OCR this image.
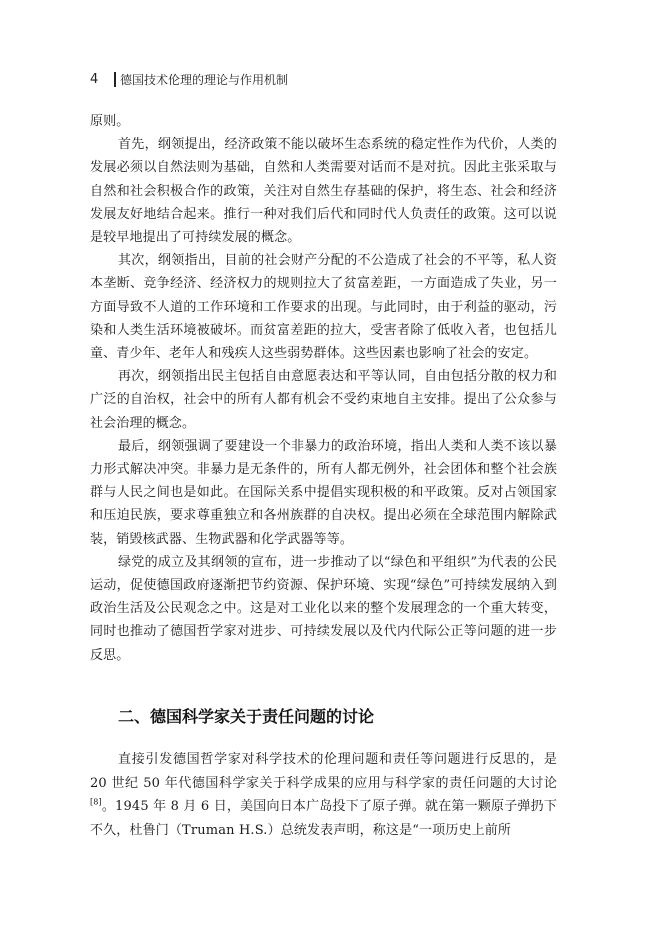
4	德国技术伦理的理论与作用机制

原则。

首先，纲领提出，经济政策不能以破坏生态系统的稳定性作为代价，人类的发展必须以自然法则为基础，自然和人类需要对话而不是对抗。因此主张采取与自然和社会积极合作的政策，关注对自然生存基础的保护，将生态、社会和经济发展友好地结合起来。推行一种对我们后代和同时代人负责任的政策。这可以说是较早地提出了可持续发展的概念。

其次，纲领指出，目前的社会财产分配的不公造成了社会的不平等，私人资本垄断、竞争经济、经济权力的规则拉大了贫富差距，一方面造成了失业，另一方面导致不人道的工作环境和工作要求的出现。与此同时，由于利益的驱动，污染和人类生活环境被破坏。而贫富差距的拉大，受害者除了低收入者，也包括儿童、青少年、老年人和残疾人这些弱势群体。这些因素也影响了社会的安定。

再次，纲领指出民主包括自由意愿表达和平等认同，自由包括分散的权力和广泛的自治权，社会中的所有人都有机会不受约束地自主安排。提出了公众参与社会治理的概念。

最后，纲领强调了要建设一个非暴力的政治环境，指出人类和人类不该以暴力形式解决冲突。非暴力是无条件的，所有人都无例外，社会团体和整个社会族群与人民之间也是如此。在国际关系中提倡实现积极的和平政策。反对占领国家和压迫民族，要求尊重独立和各州族群的自决权。提出必须在全球范围内解除武装，销毁核武器、生物武器和化学武器等等。

绿党的成立及其纲领的宣布，进一步推动了以“绿色和平组织”为代表的公民运动，促使德国政府逐渐把节约资源、保护环境、实现“绿色”可持续发展纳入到政治生活及公民观念之中。这是对工业化以来的整个发展理念的一个重大转变，同时也推动了德国哲学家对进步、可持续发展以及代内代际公正等问题的进一步反思。

二、德国科学家关于责任问题的讨论

直接引发德国哲学家对科学技术的伦理问题和责任等问题进行反思的，是 20 世纪 50 年代德国科学家关于科学成果的应用与科学家的责任问题的大讨论[8]。1945 年 8 月 6 日，美国向日本广岛投下了原子弹。就在第一颗原子弹扔下不久，杜鲁门（Truman H.S.）总统发表声明，称这是“一项历史上前所
